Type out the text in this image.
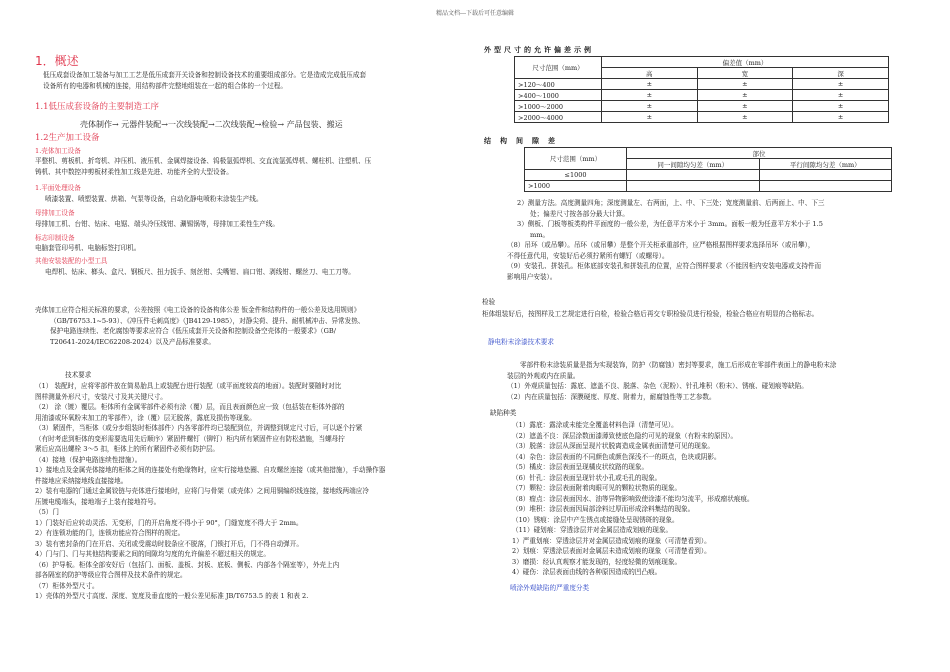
精品文档---下载后可任意编辑
1．概述

低压成套设备加工装备与加工工艺是低压成套开关设备和控制设备技术的重要组成部分。它是造成完成低压成套

设备所有的电器和机械的连接，用结构部件完整地组装在一起的组合体的一个过程。

1.1低压成套设备的主要制造工序
壳体制作→ 元器件装配→一次线装配→二次线装配→检验→ 产品包装、搬运
1.2生产加工设备
1.壳体加工设备

平整机、剪板机、折弯机、冲压机、液压机、金属焊接设备、钨极氩弧焊机、交直流氩弧焊机、螺柱机、注塑机、压

铸机、其中数控冲剪板材柔性加工线是先进、功能齐全的大型设备。

1.平面处理设备
喷漆装置、喷塑装置、烘箱、气泵等设备，自动化静电喷粉末涂装生产线。
母排加工设备
母排加工机、台钳、钻床、电锯、端头冷压线钳、涮锡锅等，母排加工柔性生产线。
标志印制设备
电脑套管印号机、电脑标签打印机。
其他安装装配的小型工具
电焊机、钻床、榔头、盒尺、钢板尺、扭力扳手、刻丝钳、尖嘴钳、扁口钳、剥线钳、螺丝刀、电工刀等。

壳体加工应符合相关标准的要求，公差按照《电工设备的设备构体公差 钣金件和结构件的一般公差及选用规则》

（GB/T6753.1~5-93）、《冲压件毛刺高度》（JB4129-1985），对静尖荷、提升、耐机械冲击、异常发热、

保护电路连续性、老化腐蚀等要求应符合《低压成套开关设备和控制设备空壳体的一般要求》（GB/

T20641-2024/IEC62208-2024）以及产品标准要求。

技术要求

（1） 装配时，应将零部件放在简易胎具上或装配台进行装配（或平面度较高的地面）。装配时要随时对比

图样测量外形尺寸，安装尺寸及其关键尺寸。

（2） 涂（镀）覆层。柜体所有金属零部件必须有涂（覆）层，而且表面颜色应一致（包括装在柜体外部的

用油漆或环氧粉末加工的零部件），涂（覆）层无脱落，露底及损伤等现象。

（3）紧固件，当柜体（或分步组装时柜体部件）内各零部件均已装配到位，并调整到规定尺寸后，可以逐个拧紧

（有时考虑到柜体的变形需要选用先后顺序）紧固件螺钉（铆钉）柜内所有紧固件应有防松措施，当螺母拧

紧后应高出螺栓 3～5 扣，柜体上的所有紧固件必须有防护层。

（4）接地（保护电路连续性措施）。

1）接地点及金属壳体接地的柜体之间的连接处有绝缘物时，应实行接地垫圈、自攻螺丝连接（或其他措施），手动操作器

件接地应采纳接地线直接接地。

2）装有电器的门通过金属铰链与壳体进行接地时，应将门与骨架（或壳体）之间用铜编织线连接，接地线两端应冷

压镀电缆端头，接地端子上装有接地符号。

（5）门

1）门装好后应转动灵活、无变形，门的开启角度不得小于 90°，门缝宽度不得大于 2mm。

2）有连锁功能的门，连锁功能应符合图样的规定。

3）装有密封条的门在开启、关闭或受震动时胶条应不脱落，门锁打开后，门不得自动弹开。

4）门与门、门与其他结构要素之间的间隙均匀度的允许偏差不超过相关的规定。

（6）护导板。柜体全部安好后（包括门、面板、盖板、封板、底板、侧板、内部各个隔室等），外壳上内

部各隔室的防护等级应符合图样及技术条件的规定。

（7）柜体外型尺寸。

1）壳体的外型尺寸高度、深度、宽度及垂直度的一般公差见标准 JB/T6753.5 的表 1 和表 2.

外型尺寸的允许偏差示例
尺寸范围（mm）	偏差值（mm）		
	高	宽	深
>120～400	±	±	±
>400～1000	±	±	±
>1000～2000	±	±	±
>2000～4000	±	±	±
结构间隙差
尺寸范围（mm）	部位	
	同一间隙均匀差（mm）	平行间隙均匀差（mm）
≤1000		
>1000		

2）测量方法。高度测量四角；深度测量左、右两面，上、中、下三处；宽度测量前、后两面上、中、下三

处；偏差尺寸按各部分最大计算。

3）侧板、门板等板类构件平面度的一般公差，为任意平方米小于 3mm。面板一般为任意平方米小于 1.5

mm。

（8）吊环（或吊攀）。吊环（或吊攀）是整个开关柜承重部件，应严格根据图样要求选择吊环（或吊攀），

不得任意代用，安装好后必须拧紧所有螺钉（或螺母）。

（9）安装孔、拼装孔。柜体底部安装孔和拼装孔的位置，应符合图样要求（不能因柜内安装电器或支持件而

影响用户安装）。

检验
柜体组装好后，按图样及工艺规定进行自检，检验合格后再交专职检验员进行检验，检验合格应有明显的合格标志。
静电粉末涂漆技术要求

零部件粉末涂装质量是指为实现装饰，防护（防腐蚀）密封等要求，施工后形成在零部件表面上的静电粉末涂

装层的外观或内在质量。

（1）外观质量包括：露底、遮盖不良、脱落、杂色（泥粉）、针孔堆积（粉末）、锈痕、碰划痕等缺陷。

（2）内在质量包括：深膜硬度、厚度、附着力，耐腐蚀性等工艺参数。

缺陷种类

（1）露底：露涂或未能完全覆盖材料色泽（清楚可见）。

（2）遮盖不良：深层涂数面漆薄致使底色隐约可见的现象（有粉末的原因）。

（3）脱落：涂层从深面呈现片状脱离造成金属表面清楚可见的现象。

（4）杂色：涂层表面的不同颜色或颜色深浅不一的斑点，色块或阴影。

（5）橘皮：涂层表面呈现橘皮状纹路的现象。

（6）针孔：涂层表面呈现针状小孔或毛孔的现象。

（7）颗粒：涂层表面附着肉眼可见的颗粒状物质的现象。

（8）瘤点：涂层表面因水、油等异物影响致使涂漆不能均匀流平，形成瘤状痕痕。

（9）堆积：涂层表面因局部涂料过厚而形成涂料集结的现象。

（10）锈痕：涂层中产生锈点或接缝处呈现锈斑的现象。

（11）碰划痕：穿透涂层并对金属层造成划痕的现象。

1）严重划痕：穿透涂层并对金属层造成划痕的现象（可清楚看到）。

2）划痕：穿透涂层表面对金属层未造成划痕的现象（可清楚看到）。

3）磨损：经认真观察才能发现的，轻度轻微的划痕现象。

4）碰伤：涂层表面由线的各种原因造成的凹凸痕。

喷涂外观缺陷的严重度分类
